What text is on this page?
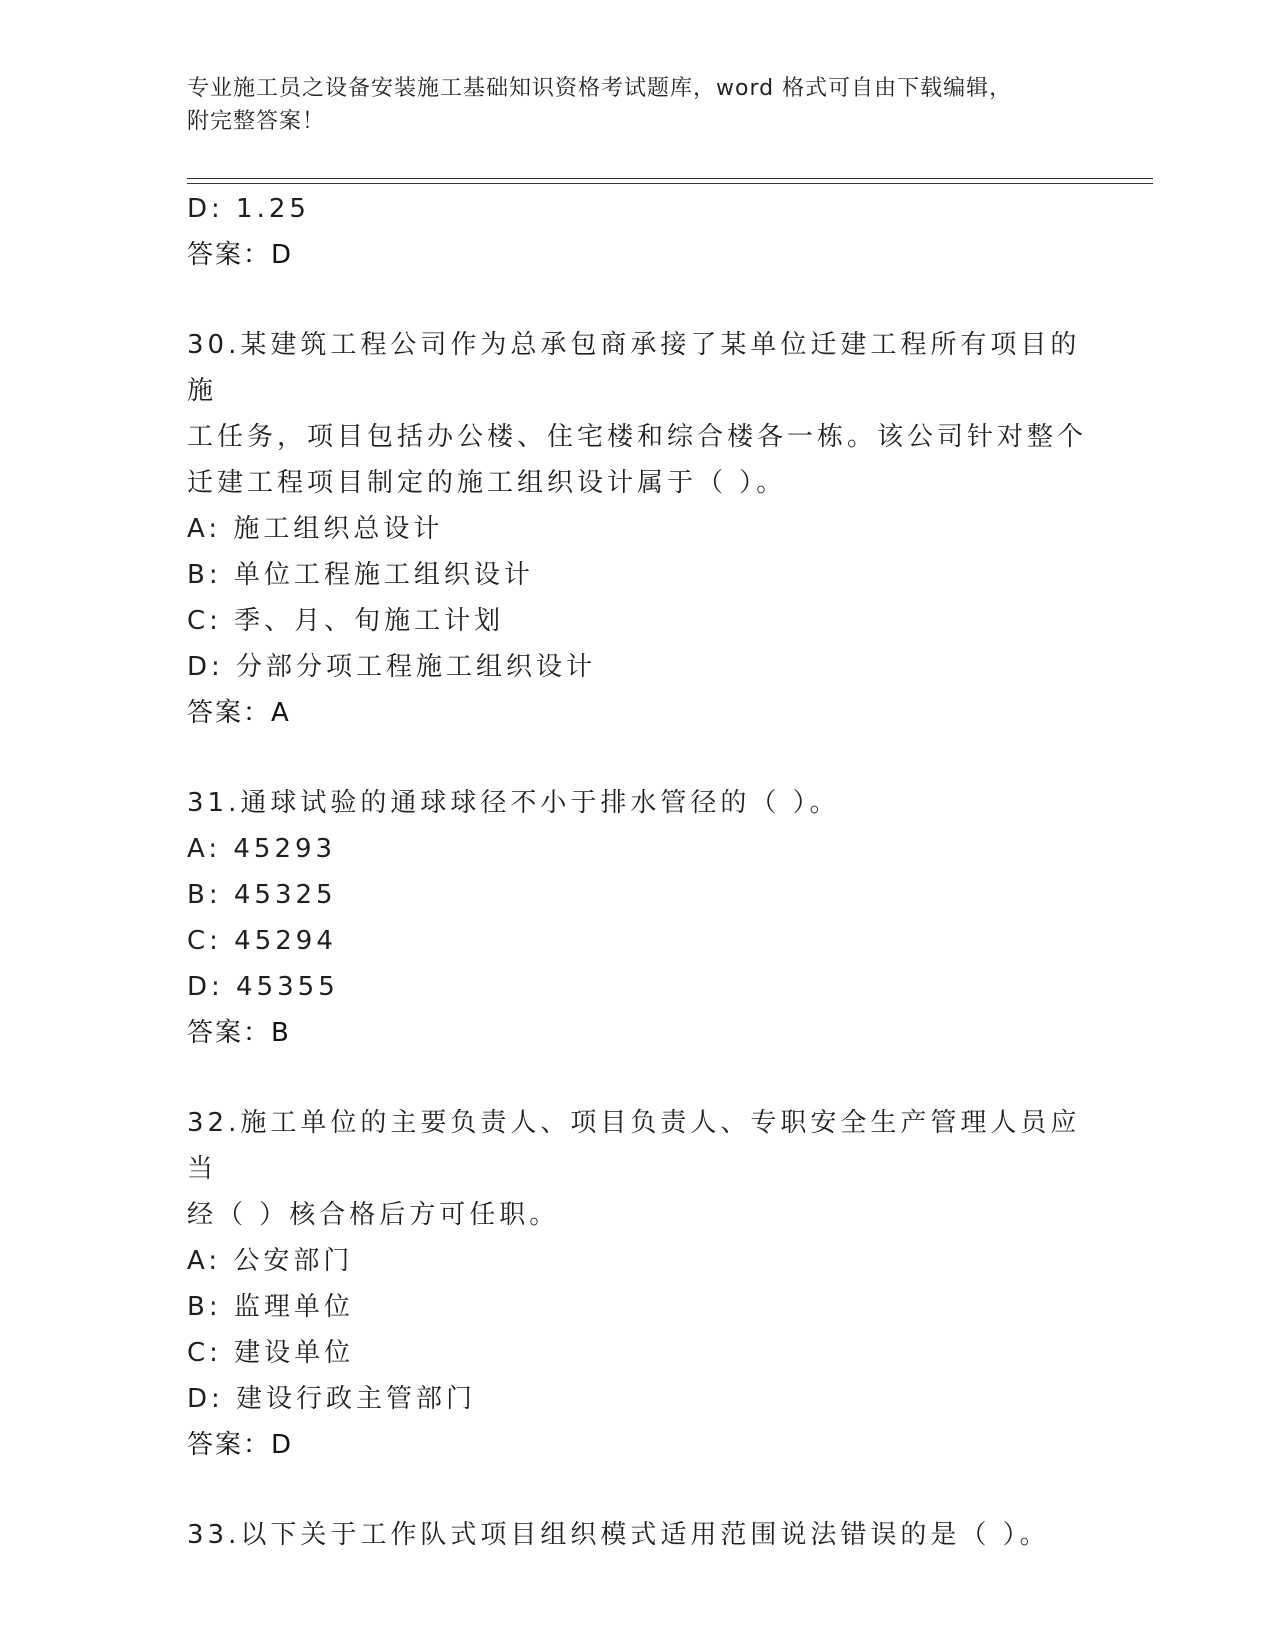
专业施工员之设备安装施工基础知识资格考试题库，word 格式可自由下载编辑，
附完整答案！
D: 1.25
答案：D
30.某建筑工程公司作为总承包商承接了某单位迁建工程所有项目的施
工任务，项目包括办公楼、住宅楼和综合楼各一栋。该公司针对整个
迁建工程项目制定的施工组织设计属于（ ）。
A: 施工组织总设计
B: 单位工程施工组织设计
C: 季、月、旬施工计划
D: 分部分项工程施工组织设计
答案：A
31.通球试验的通球球径不小于排水管径的（ ）。
A: 45293
B: 45325
C: 45294
D: 45355
答案：B
32.施工单位的主要负责人、项目负责人、专职安全生产管理人员应当
经（ ）核合格后方可任职。
A: 公安部门
B: 监理单位
C: 建设单位
D: 建设行政主管部门
答案：D
33.以下关于工作队式项目组织模式适用范围说法错误的是（ ）。
